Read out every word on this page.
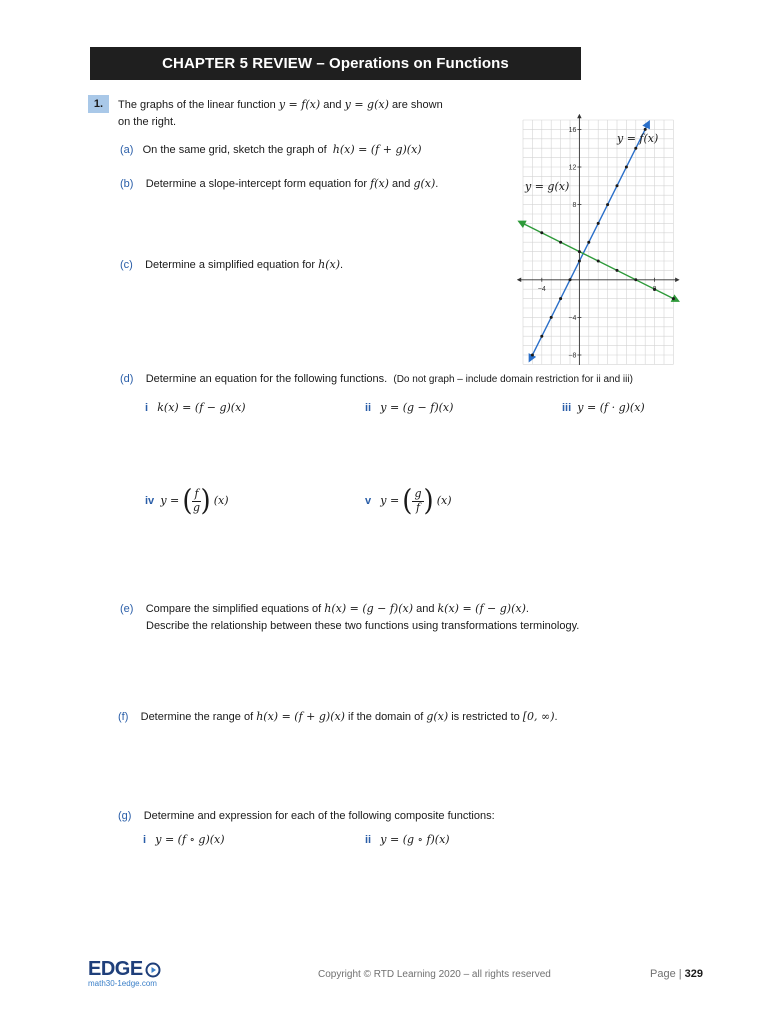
CHAPTER 5 REVIEW – Operations on Functions
1.	The graphs of the linear function y = f(x) and y = g(x) are shown
on the right.
(a) On the same grid, sketch the graph of h(x) = (f + g)(x)
(b) Determine a slope-intercept form equation for f(x) and g(x).
(c) Determine a simplified equation for h(x).
−4
16
12
8
−4
−8
y = f(x)
y = g(x)
(d) Determine an equation for the following functions. (Do not graph – include domain restriction for ii and iii)
i k(x) = (f − g)(x)	ii y = (g − f)(x)	iii y = (f · g)(x)
iv y = ( $\frac{f}{g}$ ) (x)	v y = ( $\frac{g}{f}$ ) (x)
(e) Compare the simplified equations of h(x) = (g − f)(x) and k(x) = (f − g)(x).
Describe the relationship between these two functions using transformations terminology.
(f) Determine the range of h(x) = (f + g)(x) if the domain of g(x) is restricted to [0, ∞).
(g) Determine and expression for each of the following composite functions:
i y = (f ∘ g)(x)	ii y = (g ∘ f)(x)
EDGE
math30-1edge.com
Copyright © RTD Learning 2020 – all rights reserved	Page | 329
